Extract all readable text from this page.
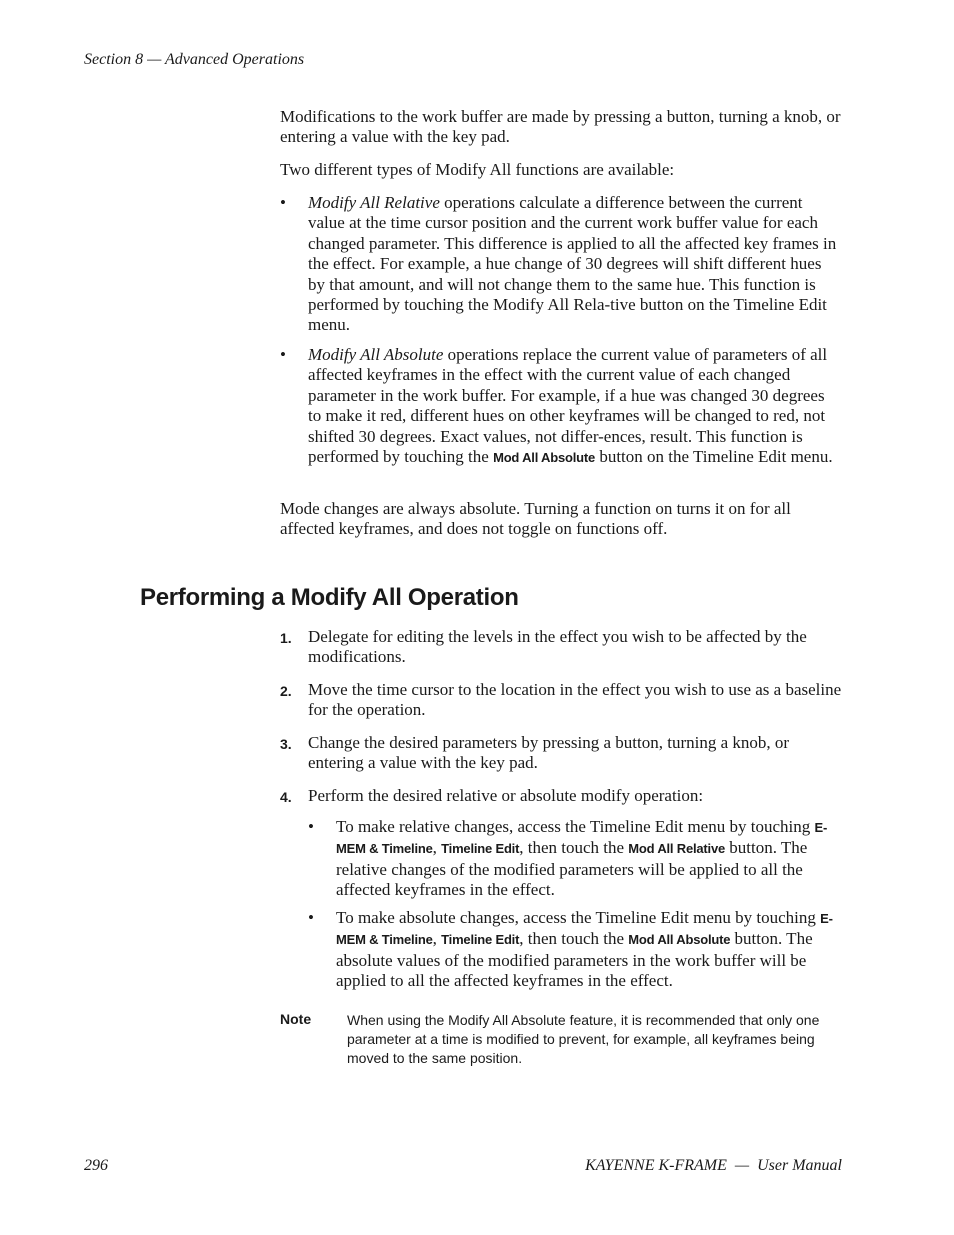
Section 8 — Advanced Operations

Modifications to the work buffer are made by pressing a button, turning a knob, or entering a value with the key pad.

Two different types of Modify All functions are available:

• Modify All Relative operations calculate a difference between the current value at the time cursor position and the current work buffer value for each changed parameter. This difference is applied to all the affected key frames in the effect. For example, a hue change of 30 degrees will shift different hues by that amount, and will not change them to the same hue. This function is performed by touching the Modify All Rela-tive button on the Timeline Edit menu.
• Modify All Absolute operations replace the current value of parameters of all affected keyframes in the effect with the current value of each changed parameter in the work buffer. For example, if a hue was changed 30 degrees to make it red, different hues on other keyframes will be changed to red, not shifted 30 degrees. Exact values, not differ-ences, result. This function is performed by touching the Mod All Absolute button on the Timeline Edit menu.

Mode changes are always absolute. Turning a function on turns it on for all affected keyframes, and does not toggle on functions off.

Performing a Modify All Operation
1. Delegate for editing the levels in the effect you wish to be affected by the modifications.
2. Move the time cursor to the location in the effect you wish to use as a baseline for the operation.
3. Change the desired parameters by pressing a button, turning a knob, or entering a value with the key pad.
4. Perform the desired relative or absolute modify operation:
• To make relative changes, access the Timeline Edit menu by touching E-MEM & Timeline, Timeline Edit, then touch the Mod All Relative button. The relative changes of the modified parameters will be applied to all the affected keyframes in the effect.
• To make absolute changes, access the Timeline Edit menu by touching E-MEM & Timeline, Timeline Edit, then touch the Mod All Absolute button. The absolute values of the modified parameters in the work buffer will be applied to all the affected keyframes in the effect.
Note	When using the Modify All Absolute feature, it is recommended that only one parameter at a time is modified to prevent, for example, all keyframes being moved to the same position.
296	KAYENNE K-FRAME  —  User Manual
